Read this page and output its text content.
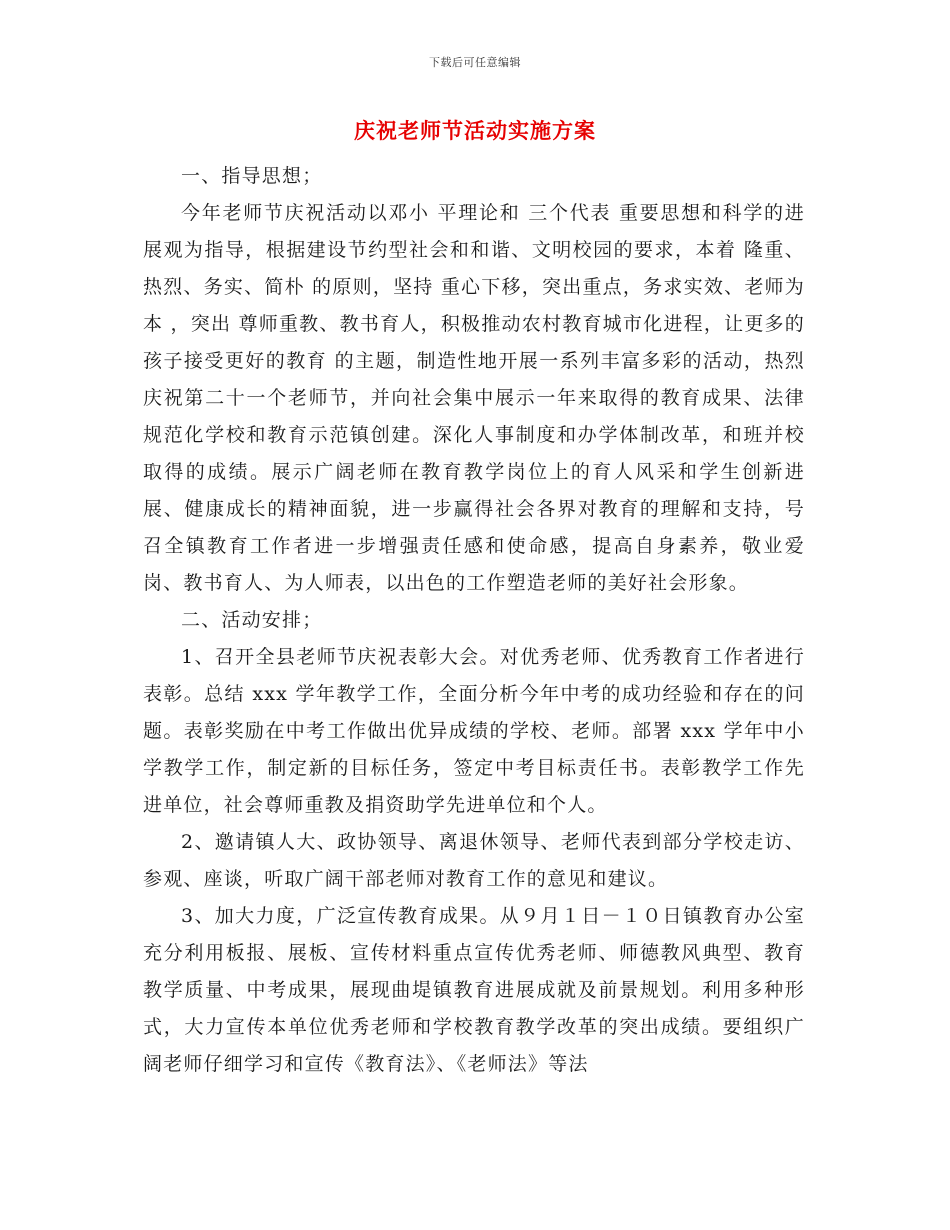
下载后可任意编辑
庆祝老师节活动实施方案

一、指导思想；

今年老师节庆祝活动以邓小 平理论和 三个代表 重要思想和科学的进展观为指导，根据建设节约型社会和和谐、文明校园的要求，本着 隆重、热烈、务实、简朴 的原则，坚持 重心下移，突出重点，务求实效、老师为本 ，突出 尊师重教、教书育人，积极推动农村教育城市化进程，让更多的孩子接受更好的教育 的主题，制造性地开展一系列丰富多彩的活动，热烈庆祝第二十一个老师节，并向社会集中展示一年来取得的教育成果、法律规范化学校和教育示范镇创建。深化人事制度和办学体制改革，和班并校取得的成绩。展示广阔老师在教育教学岗位上的育人风采和学生创新进展、健康成长的精神面貌，进一步赢得社会各界对教育的理解和支持，号召全镇教育工作者进一步增强责任感和使命感，提高自身素养，敬业爱岗、教书育人、为人师表，以出色的工作塑造老师的美好社会形象。

二、活动安排；

1、召开全县老师节庆祝表彰大会。对优秀老师、优秀教育工作者进行表彰。总结 xxx 学年教学工作，全面分析今年中考的成功经验和存在的问题。表彰奖励在中考工作做出优异成绩的学校、老师。部署 xxx 学年中小学教学工作，制定新的目标任务，签定中考目标责任书。表彰教学工作先进单位，社会尊师重教及捐资助学先进单位和个人。

2、邀请镇人大、政协领导、离退休领导、老师代表到部分学校走访、参观、座谈，听取广阔干部老师对教育工作的意见和建议。

3、加大力度，广泛宣传教育成果。从９月１日－１０日镇教育办公室充分利用板报、展板、宣传材料重点宣传优秀老师、师德教风典型、教育教学质量、中考成果，展现曲堤镇教育进展成就及前景规划。利用多种形式，大力宣传本单位优秀老师和学校教育教学改革的突出成绩。要组织广阔老师仔细学习和宣传《教育法》、《老师法》等法
